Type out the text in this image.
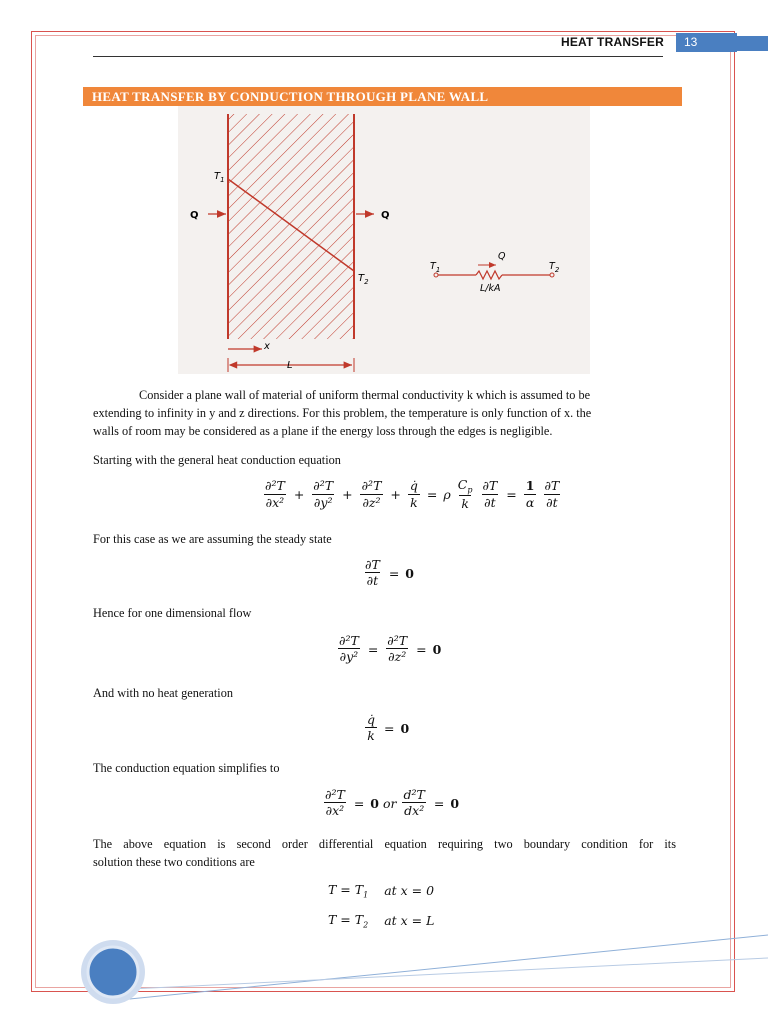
HEAT TRANSFER	13
HEAT TRANSFER BY CONDUCTION THROUGH PLANE WALL
$T_1$
$T_2$
Q	Q
x
L
$T_1$	$T_2$
Q
L/kA
Consider a plane wall of material of uniform thermal conductivity k which is assumed to be
extending to infinity in y and z directions. For this problem, the temperature is only function of x. the
walls of room may be considered as a plane if the energy loss through the edges is negligible.
Starting with the general heat conduction equation
$\frac{\text{∂²T}}{\text{∂x²}} + \frac{\text{∂²T}}{\text{∂y²}} + \frac{\text{∂²T}}{\text{∂z²}} + \frac{q̇}{k} = \rho \frac{C_p}{k} \frac{\partial T}{\partial t} = \frac{1}{\alpha} \frac{\partial T}{\partial t}$
For this case as we are assuming the steady state
$\frac{\partial T}{\partial t} = 0$
Hence for one dimensional flow
$\frac{\text{∂²T}}{\text{∂y²}} = \frac{\text{∂²T}}{\text{∂z²}} = 0$
And with no heat generation
$\frac{q̇}{k} = 0$
The conduction equation simplifies to
$\frac{\text{∂²T}}{\text{∂x²}} = 0$ or $\frac{\text{d²T}}{\text{dx²}} = 0$
The above equation is second order differential equation requiring two boundary condition for its
solution these two conditions are
$T = T_1$ at x = 0
$T = T_2$ at x = L
